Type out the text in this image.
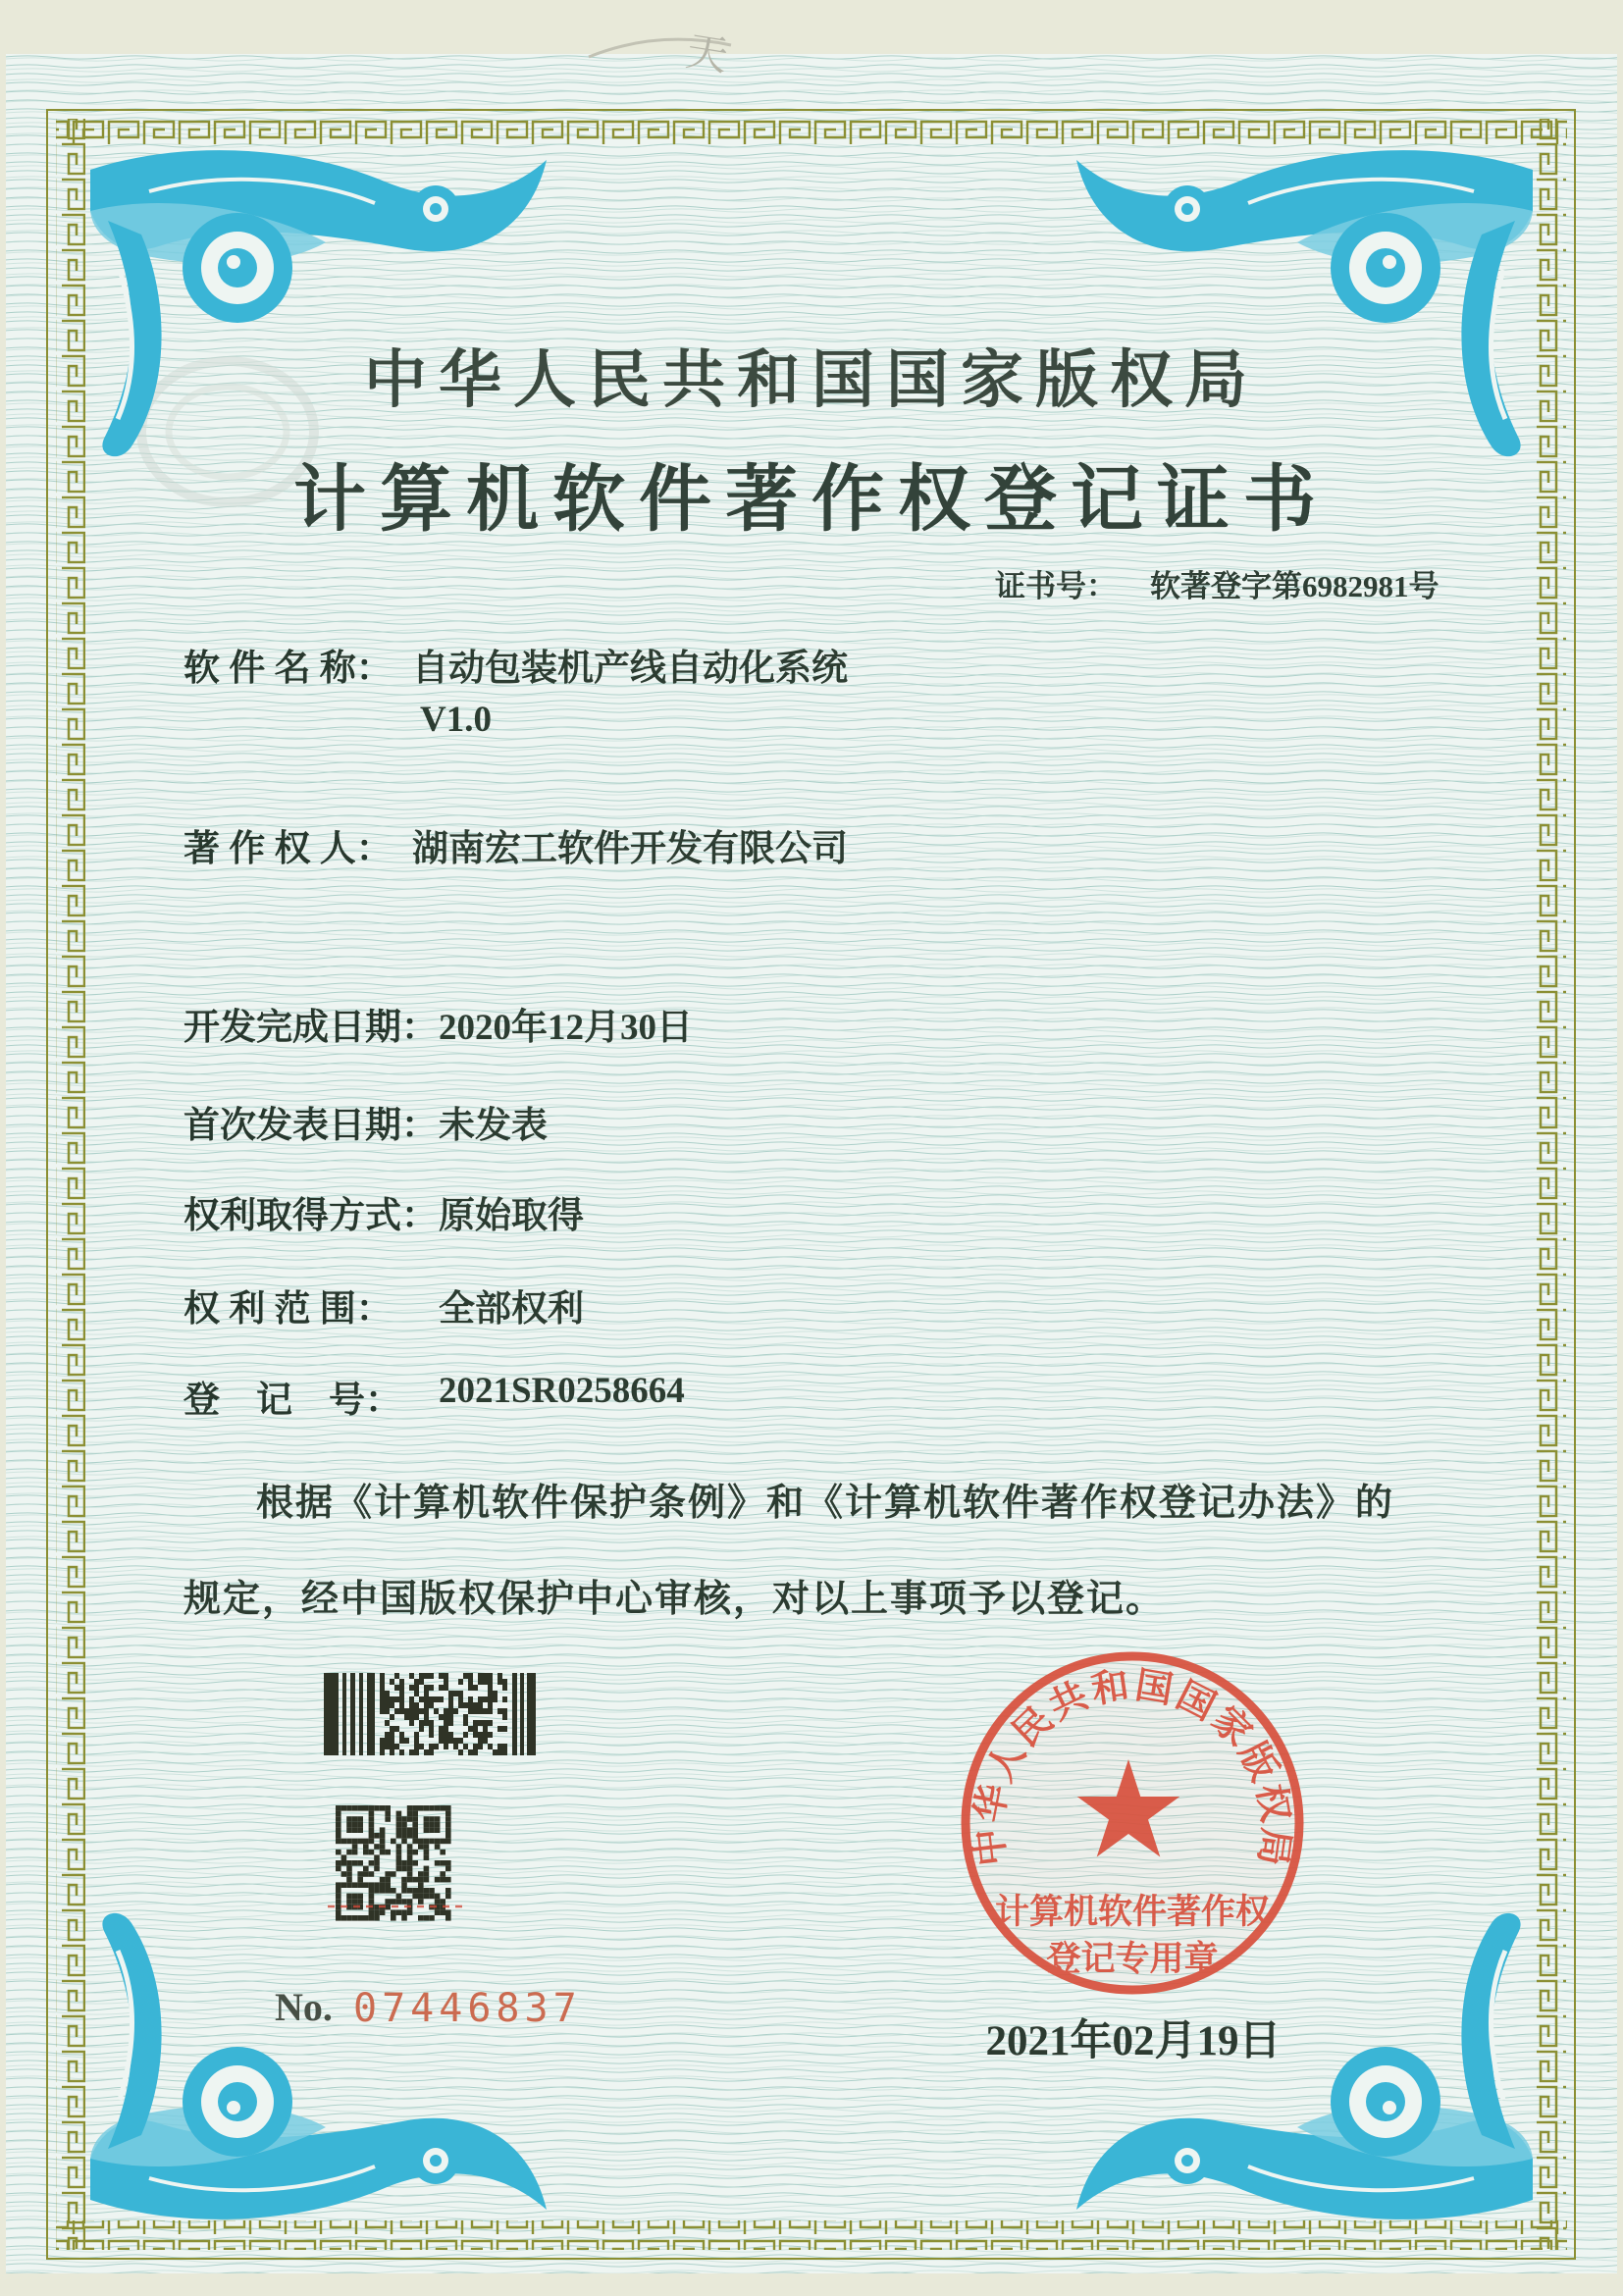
中华人民共和国国家版权局
计算机软件著作权
登记专用章
中华人民共和国国家版权局
计算机软件著作权登记证书
证书号： 软著登字第6982981号
软 件 名 称： 自动包装机产线自动化系统
V1.0
著 作 权 人： 湖南宏工软件开发有限公司
开发完成日期： 2020年12月30日
首次发表日期： 未发表
权利取得方式： 原始取得
权 利 范 围： 全部权利
登　记　号： 2021SR0258664
根据《计算机软件保护条例》和《计算机软件著作权登记办法》的
规定，经中国版权保护中心审核，对以上事项予以登记。
No. 07446837
2021年02月19日
天
